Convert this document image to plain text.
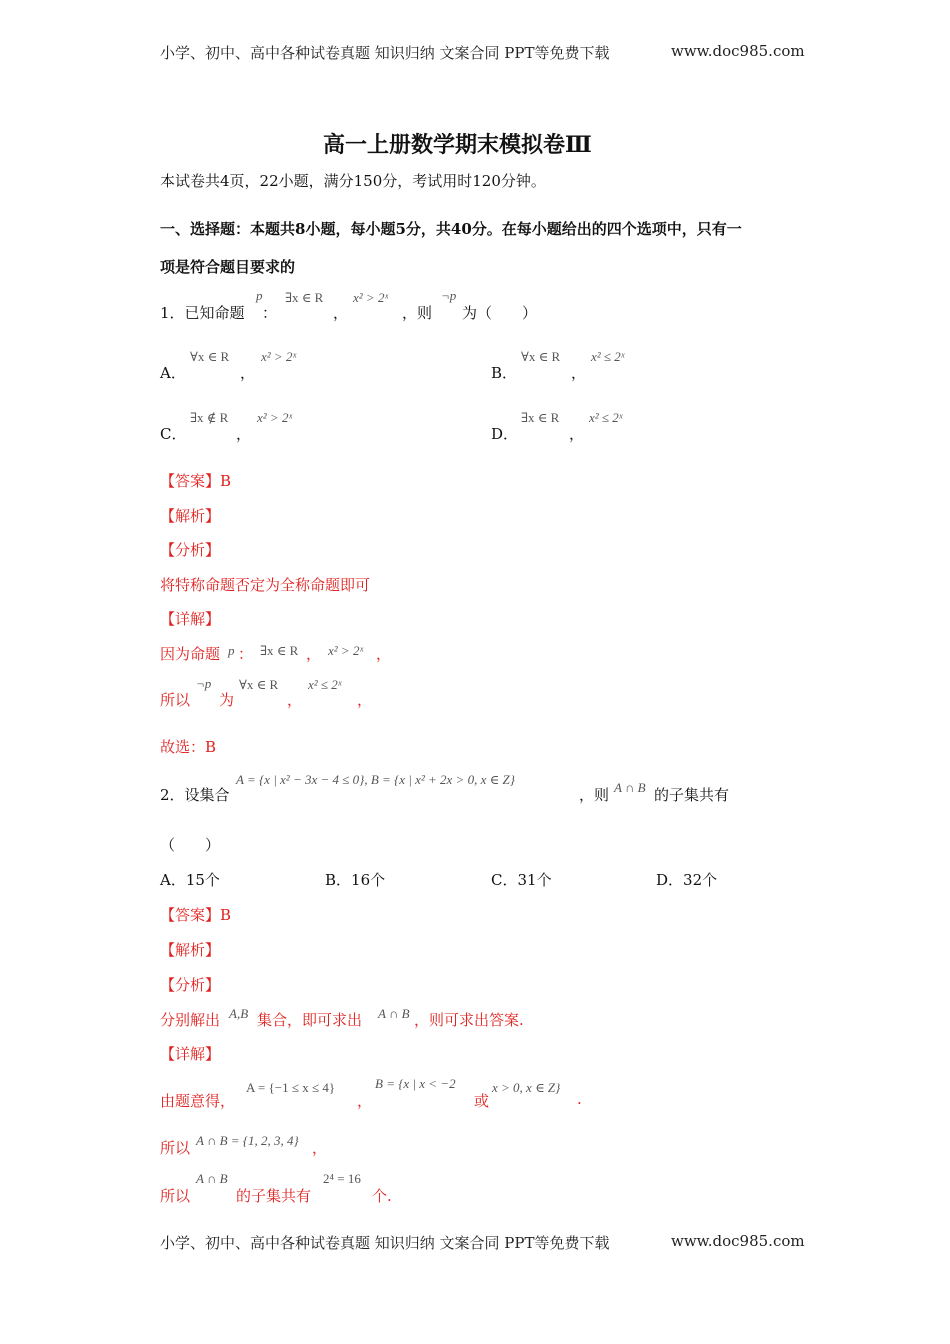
小学、初中、高中各种试卷真题 知识归纳 文案合同 PPT等免费下载	www.doc985.com
高一上册数学期末模拟卷Ⅲ
本试卷共4页，22小题，满分150分，考试用时120分钟。
一、选择题：本题共8小题，每小题5分，共40分。在每小题给出的四个选项中，只有一
项是符合题目要求的
1．已知命题
p
：
∃x ∈ R
，
x² > 2ˣ
，则
¬p
为（　　）
A．
∀x ∈ R
，
x² > 2ˣ
B．
∀x ∈ R
，
x² ≤ 2ˣ
C．
∃x ∉ R
，
x² > 2ˣ
D．
∃x ∈ R
，
x² ≤ 2ˣ
【答案】B
【解析】
【分析】
将特称命题否定为全称命题即可
【详解】
因为命题 p ： ∃x ∈ R ， x² > 2ˣ ，
所以
¬p
为
∀x ∈ R
，
x² ≤ 2ˣ
，
故选：B
2．设集合
A = {x | x² − 3x − 4 ≤ 0}, B = {x | x² + 2x > 0, x ∈ Z}
，则 A ∩ B 的子集共有
（　　）
A．15个	B．16个	C．31个	D．32个
【答案】B
【解析】
【分析】
分别解出 A,B 集合，即可求出 A ∩ B ，则可求出答案.
【详解】
由题意得，
A = {−1 ≤ x ≤ 4}
，
B = {x | x < −2
或
x > 0, x ∈ Z}
.
所以 A ∩ B = {1, 2, 3, 4} ，
所以
A ∩ B
的子集共有
2⁴ = 16
个.
小学、初中、高中各种试卷真题 知识归纳 文案合同 PPT等免费下载	www.doc985.com
